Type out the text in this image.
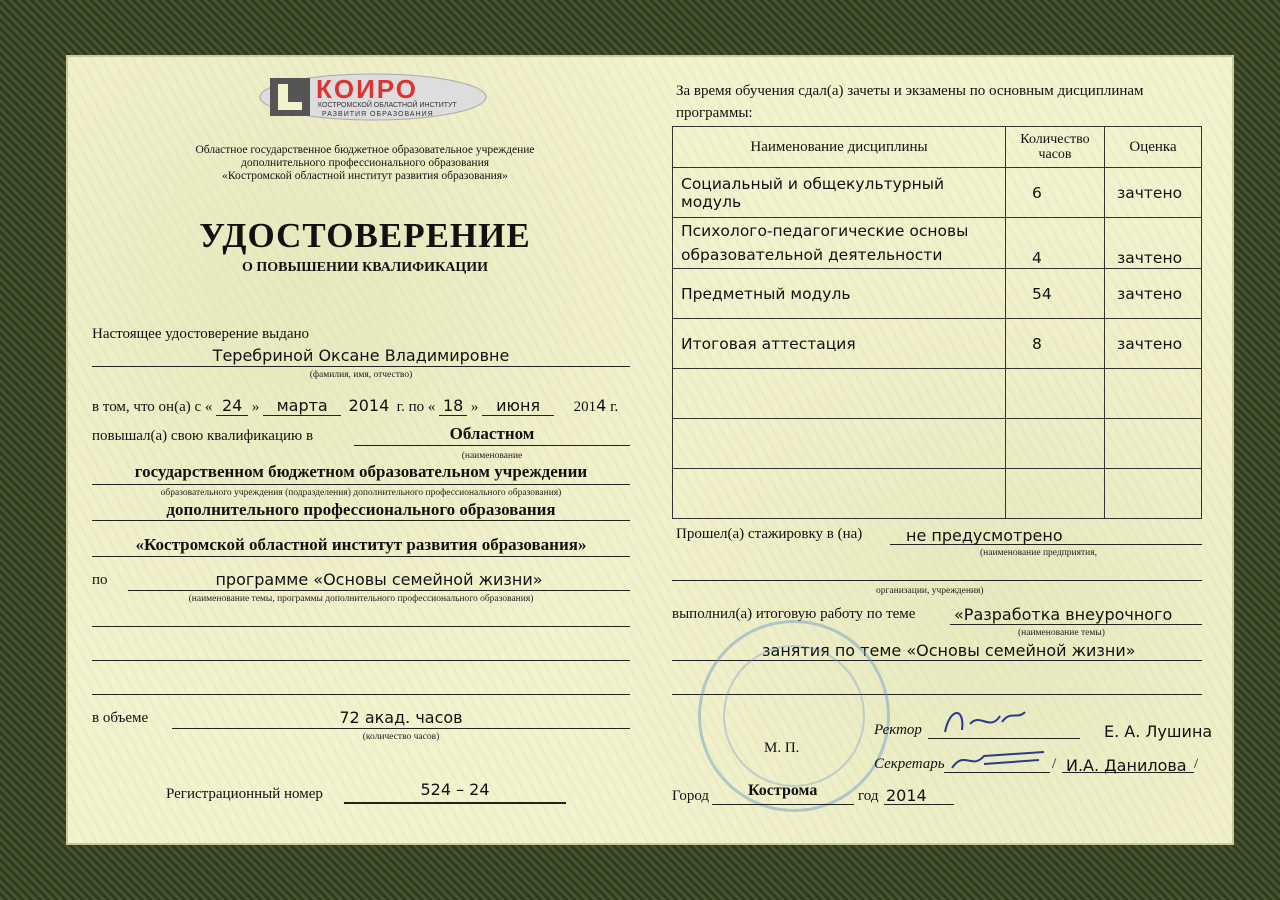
КОИРО
КОСТРОМСКОЙ ОБЛАСТНОЙ ИНСТИТУТ
РАЗВИТИЯ ОБРАЗОВАНИЯ
Областное государственное бюджетное образовательное учреждение
дополнительного профессионального образования
«Костромской областной институт развития образования»
УДОСТОВЕРЕНИЕ
О ПОВЫШЕНИИ КВАЛИФИКАЦИИ
Настоящее удостоверение выдано
Теребриной Оксане Владимировне
(фамилия, имя, отчество)
в том, что он(а) с « 24 » марта 2014 г. по « 18 » июня 2014 г.
повышал(а) свою квалификацию в	Областном
(наименование
государственном бюджетном образовательном учреждении
образовательного учреждения (подразделения) дополнительного профессионального образования)
дополнительного профессионального образования
«Костромской областной институт развития образования»
по	программе «Основы семейной жизни»
(наименование темы, программы дополнительного профессионального образования)
в объеме	72 акад. часов
(количество часов)
Регистрационный номер	524 – 24
За время обучения сдал(а) зачеты и экзамены по основным дисциплинам программы:
Наименование дисциплины	Количество часов	Оценка
Социальный и общекультурный модуль	6	зачтено
Психолого-педагогические основы образовательной деятельности	4	зачтено
Предметный модуль	54	зачтено
Итоговая аттестация	8	зачтено

Прошел(а) стажировку в (на)	не предусмотрено
(наименование предприятия,
организации, учреждения)
выполнил(а) итоговую работу по теме «Разработка внеурочного
(наименование темы)
занятия по теме «Основы семейной жизни»
Ректор	Е. А. Лушина
М. П.
Секретарь	/ И.А. Данилова /
Город Кострома	год 2014
